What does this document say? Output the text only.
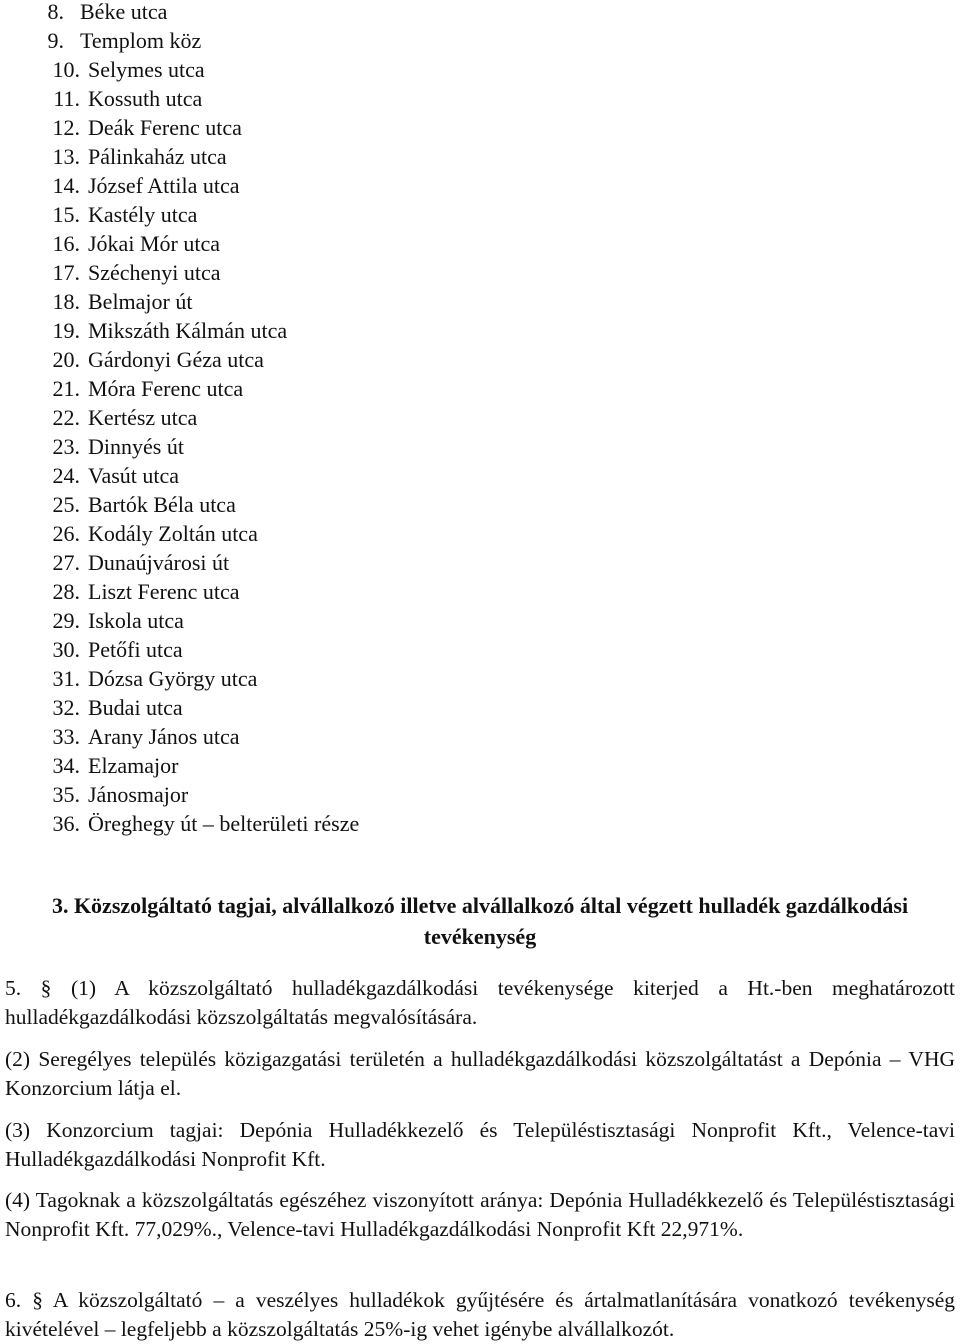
8. Béke utca
9. Templom köz
10. Selymes utca
11. Kossuth utca
12. Deák Ferenc utca
13. Pálinkaház utca
14. József Attila utca
15. Kastély utca
16. Jókai Mór utca
17. Széchenyi utca
18. Belmajor út
19. Mikszáth Kálmán utca
20. Gárdonyi Géza utca
21. Móra Ferenc utca
22. Kertész utca
23. Dinnyés út
24. Vasút utca
25. Bartók Béla utca
26. Kodály Zoltán utca
27. Dunaújvárosi út
28. Liszt Ferenc utca
29. Iskola utca
30. Petőfi utca
31. Dózsa György utca
32. Budai utca
33. Arany János utca
34. Elzamajor
35. Jánosmajor
36. Öreghegy út – belterületi része
3. Közszolgáltató tagjai, alvállalkozó illetve alvállalkozó által végzett hulladék gazdálkodási tevékenység

5. § (1) A közszolgáltató hulladékgazdálkodási tevékenysége kiterjed a Ht.-ben meghatározott hulladékgazdálkodási közszolgáltatás megvalósítására.

(2) Seregélyes település közigazgatási területén a hulladékgazdálkodási közszolgáltatást a Depónia – VHG Konzorcium látja el.

(3) Konzorcium tagjai: Depónia Hulladékkezelő és Településtisztasági Nonprofit Kft., Velence-tavi Hulladékgazdálkodási Nonprofit Kft.

(4) Tagoknak a közszolgáltatás egészéhez viszonyított aránya: Depónia Hulladékkezelő és Településtisztasági Nonprofit Kft. 77,029%., Velence-tavi Hulladékgazdálkodási Nonprofit Kft 22,971%.

6. § A közszolgáltató – a veszélyes hulladékok gyűjtésére és ártalmatlanítására vonatkozó tevékenység kivételével – legfeljebb a közszolgáltatás 25%-ig vehet igénybe alvállalkozót.
